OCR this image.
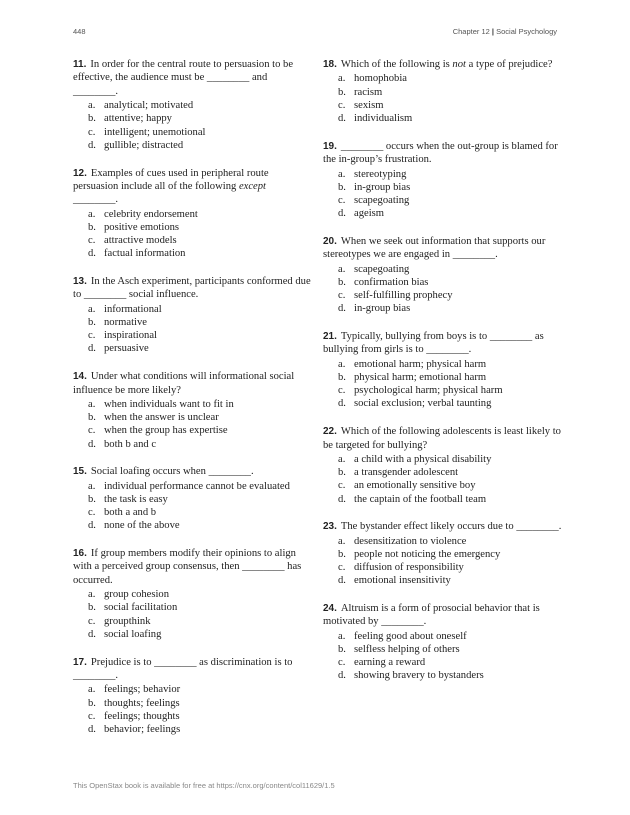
448	Chapter 12 | Social Psychology
11. In order for the central route to persuasion to be effective, the audience must be ________ and ________.
a. analytical; motivated
b. attentive; happy
c. intelligent; unemotional
d. gullible; distracted
12. Examples of cues used in peripheral route persuasion include all of the following except ________.
a. celebrity endorsement
b. positive emotions
c. attractive models
d. factual information
13. In the Asch experiment, participants conformed due to ________ social influence.
a. informational
b. normative
c. inspirational
d. persuasive
14. Under what conditions will informational social influence be more likely?
a. when individuals want to fit in
b. when the answer is unclear
c. when the group has expertise
d. both b and c
15. Social loafing occurs when ________.
a. individual performance cannot be evaluated
b. the task is easy
c. both a and b
d. none of the above
16. If group members modify their opinions to align with a perceived group consensus, then ________ has occurred.
a. group cohesion
b. social facilitation
c. groupthink
d. social loafing
17. Prejudice is to ________ as discrimination is to ________.
a. feelings; behavior
b. thoughts; feelings
c. feelings; thoughts
d. behavior; feelings
18. Which of the following is not a type of prejudice?
a. homophobia
b. racism
c. sexism
d. individualism
19. ________ occurs when the out-group is blamed for the in-group’s frustration.
a. stereotyping
b. in-group bias
c. scapegoating
d. ageism
20. When we seek out information that supports our stereotypes we are engaged in ________.
a. scapegoating
b. confirmation bias
c. self-fulfilling prophecy
d. in-group bias
21. Typically, bullying from boys is to ________ as bullying from girls is to ________.
a. emotional harm; physical harm
b. physical harm; emotional harm
c. psychological harm; physical harm
d. social exclusion; verbal taunting
22. Which of the following adolescents is least likely to be targeted for bullying?
a. a child with a physical disability
b. a transgender adolescent
c. an emotionally sensitive boy
d. the captain of the football team
23. The bystander effect likely occurs due to ________.
a. desensitization to violence
b. people not noticing the emergency
c. diffusion of responsibility
d. emotional insensitivity
24. Altruism is a form of prosocial behavior that is motivated by ________.
a. feeling good about oneself
b. selfless helping of others
c. earning a reward
d. showing bravery to bystanders
This OpenStax book is available for free at https://cnx.org/content/col11629/1.5
